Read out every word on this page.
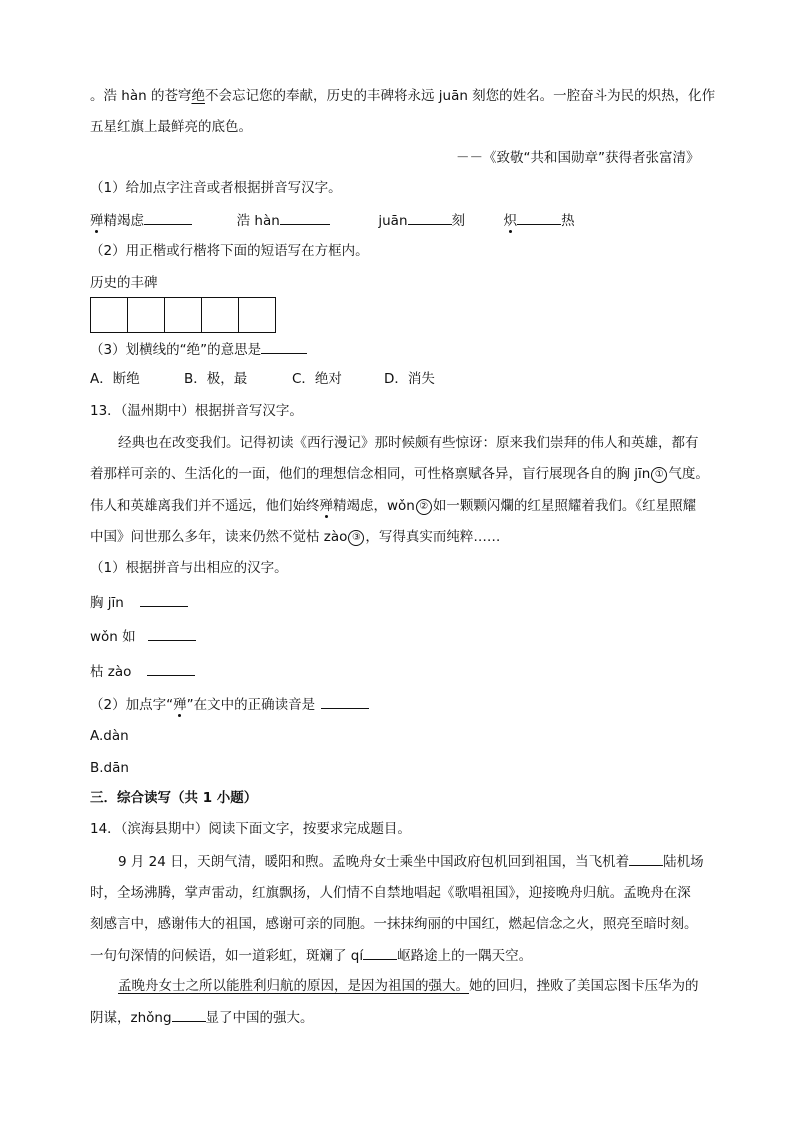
。浩 hàn 的苍穹绝不会忘记您的奉献，历史的丰碑将永远 juān 刻您的姓名。一腔奋斗为民的炽热，化作
五星红旗上最鲜亮的底色。
－－《致敬“共和国勋章”获得者张富清》
（1）给加点字注音或者根据拼音写汉字。
殚精竭虑	浩 hàn	juān	刻	炽	热
（2）用正楷或行楷将下面的短语写在方框内。
历史的丰碑
（3）划横线的“绝”的意思是
A．断绝	B．极，最	C．绝对	D．消失
13．（温州期中）根据拼音写汉字。
经典也在改变我们。记得初读《西行漫记》那时候颇有些惊讶：原来我们崇拜的伟人和英雄，都有
着那样可亲的、生活化的一面，他们的理想信念相同，可性格禀赋各异，盲行展现各自的胸 jīn ① 气度。
伟人和英雄离我们并不遥远，他们始终殚精竭虑，wǒn ② 如一颗颗闪爛的红星照耀着我们。《红星照耀
中国》问世那么多年，读来仍然不觉枯 zào ③ ，写得真实而纯粹……
（1）根据拼音与出相应的汉字。
胸 jīn
wǒn 如
枯 zào
（2）加点字“殚”在文中的正确读音是
A.dàn
B.dān
三．综合读写（共 1 小题）
14．（滨海县期中）阅读下面文字，按要求完成题目。
9 月 24 日，天朗气清，暖阳和煦。孟晚舟女士乘坐中国政府包机回到祖国，当飞机着	陆机场
时，全场沸腾，掌声雷动，红旗飘扬，人们情不自禁地唱起《歌唱祖国》，迎接晚舟归航。孟晚舟在深
刻感言中，感谢伟大的祖国，感谢可亲的同胞。一抹抹绚丽的中国红，燃起信念之火，照亮至暗时刻。
一句句深情的问候语，如一道彩虹，斑斓了 qí	岖路途上的一隅天空。
孟晚舟女士之所以能胜利归航的原因，是因为祖国的强大。她的回归，挫败了美国忘图卡压华为的
阴谋，zhǒng	显了中国的强大。
